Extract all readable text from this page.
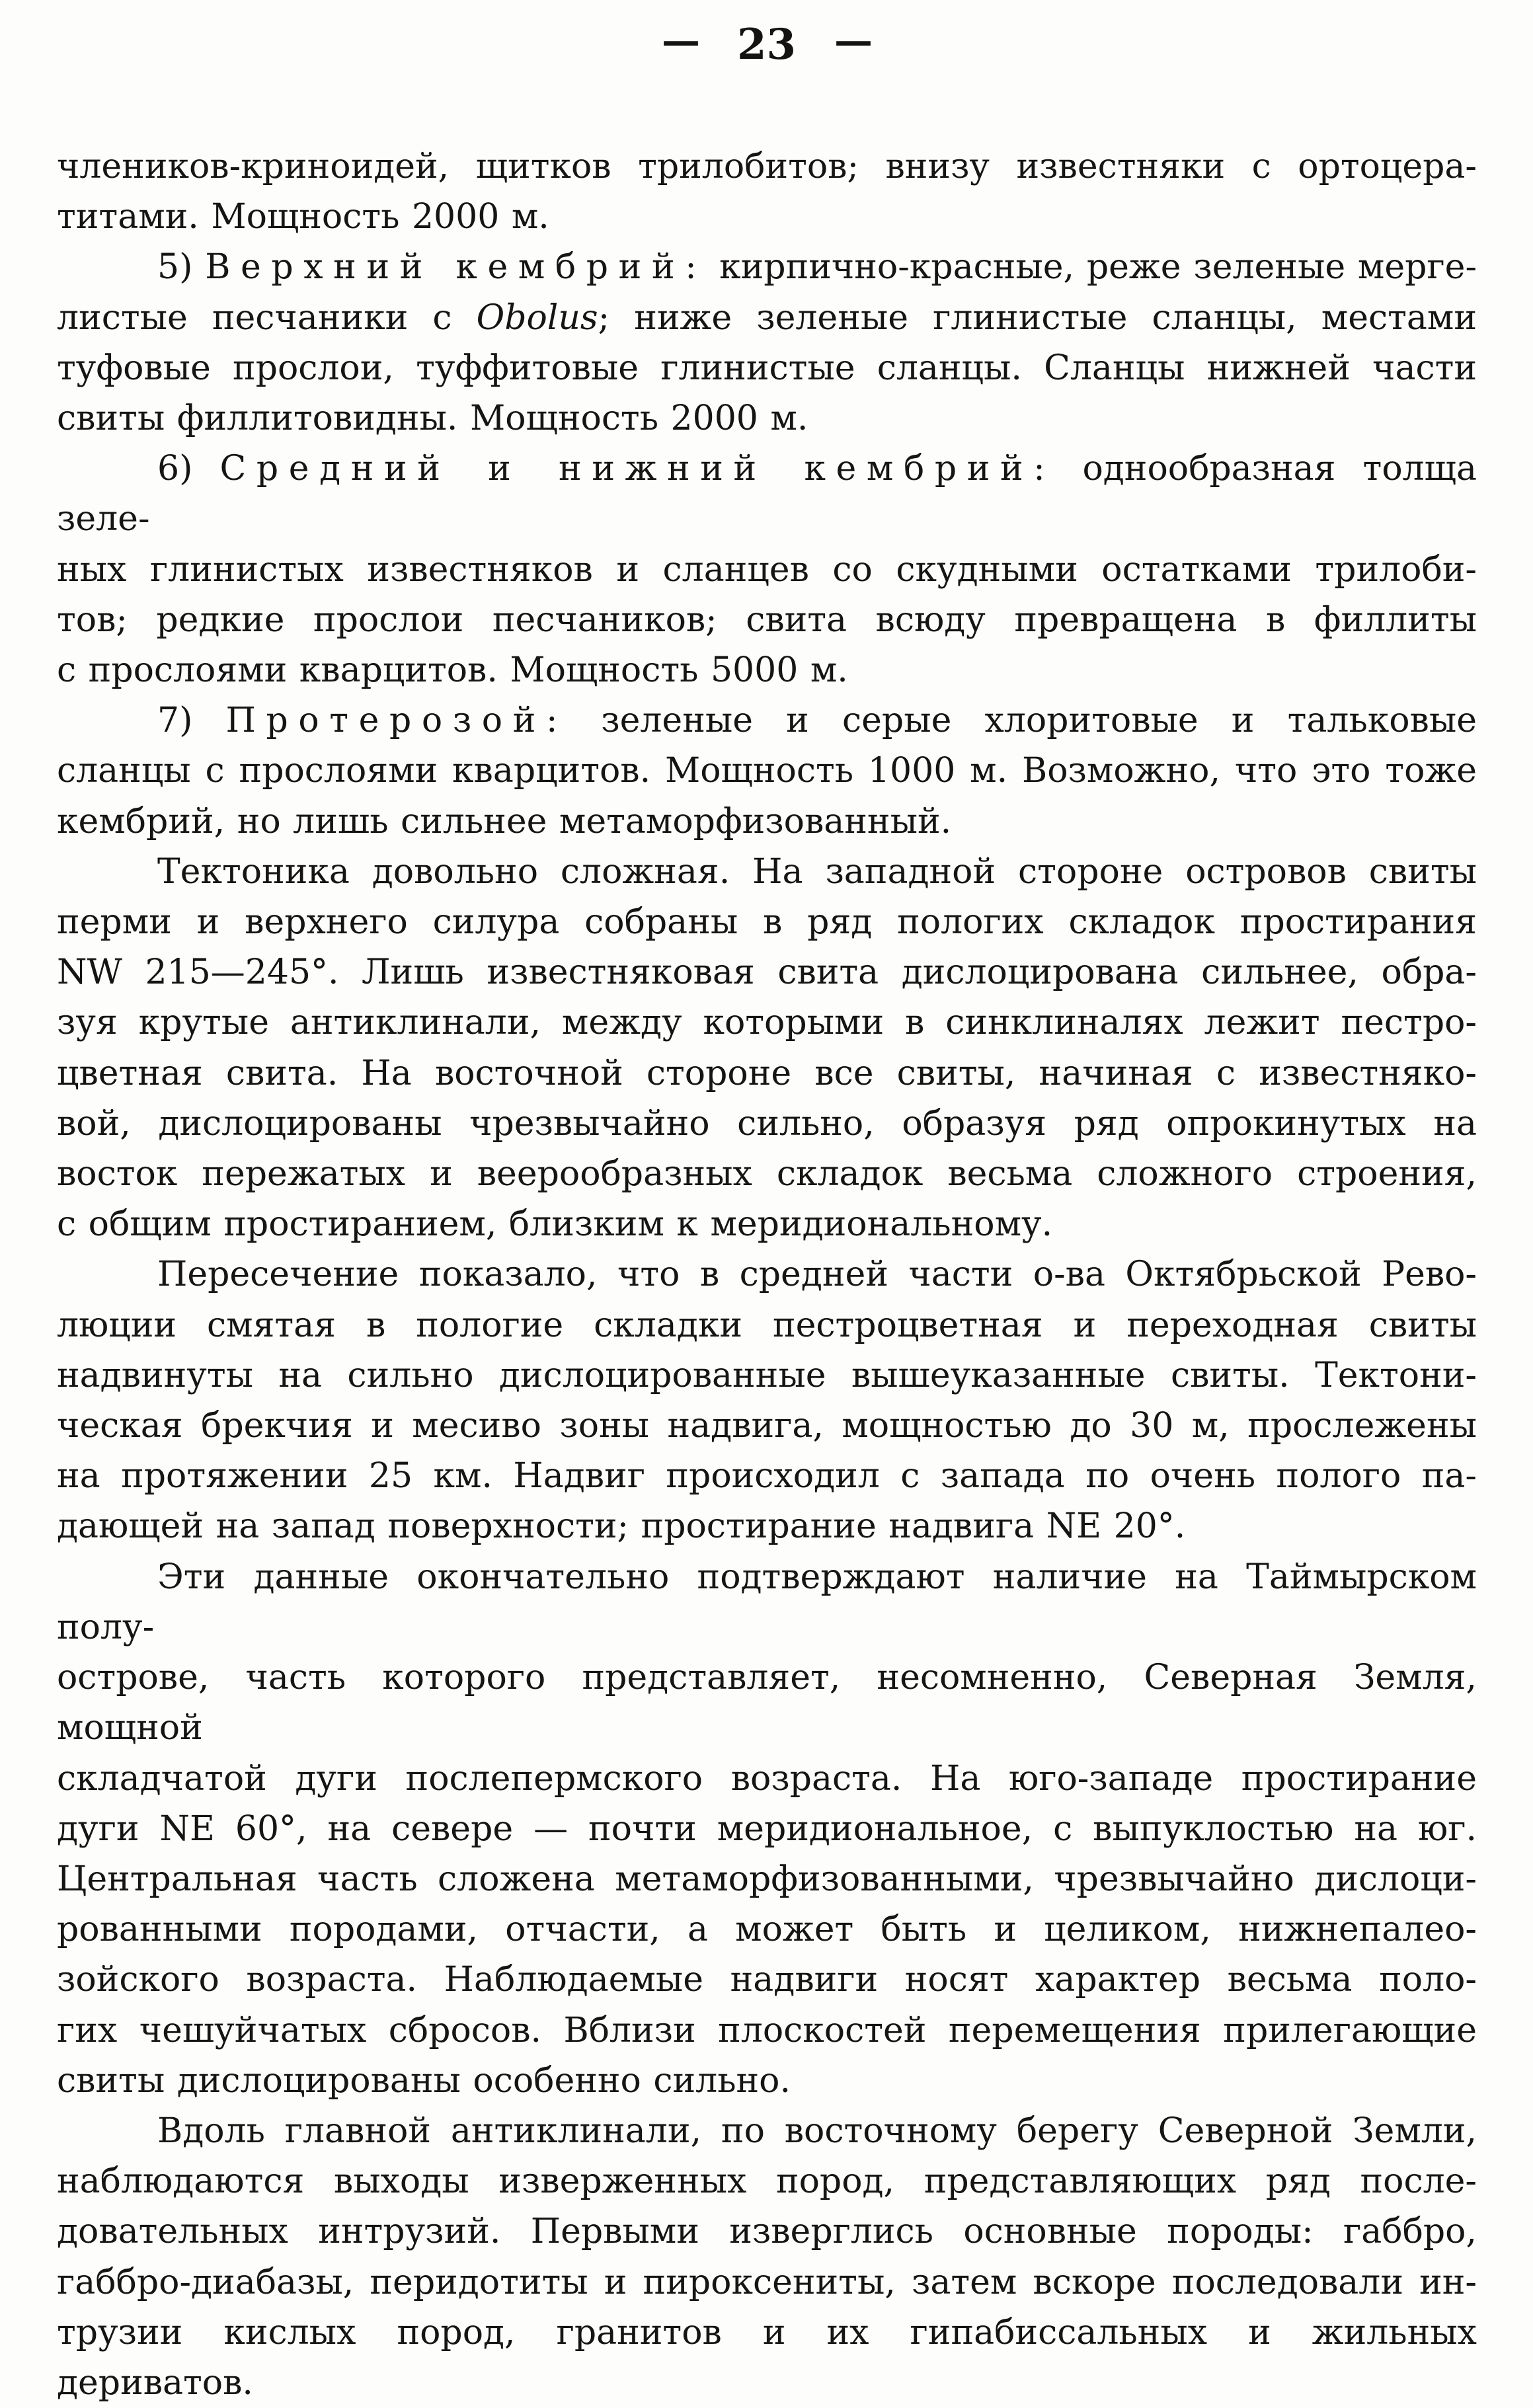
— 23 —
члеников-криноидей, щитков трилобитов; внизу известняки с ортоцера-
титами. Мощность 2000 м.
5) Верхний кембрий: кирпично-красные, реже зеленые мерге-
листые песчаники с Obolus; ниже зеленые глинистые сланцы, местами
туфовые прослои, туффитовые глинистые сланцы. Сланцы нижней части
свиты филлитовидны. Мощность 2000 м.
6) Средний и нижний кембрий: однообразная толща зеле-
ных глинистых известняков и сланцев со скудными остатками трилоби-
тов; редкие прослои песчаников; свита всюду превращена в филлиты
с прослоями кварцитов. Мощность 5000 м.
7) Протерозой: зеленые и серые хлоритовые и тальковые
сланцы с прослоями кварцитов. Мощность 1000 м. Возможно, что это тоже
кембрий, но лишь сильнее метаморфизованный.
Тектоника довольно сложная. На западной стороне островов свиты
перми и верхнего силура собраны в ряд пологих складок простирания
NW 215—245°. Лишь известняковая свита дислоцирована сильнее, обра-
зуя крутые антиклинали, между которыми в синклиналях лежит пестро-
цветная свита. На восточной стороне все свиты, начиная с известняко-
вой, дислоцированы чрезвычайно сильно, образуя ряд опрокинутых на
восток пережатых и веерообразных складок весьма сложного строения,
с общим простиранием, близким к меридиональному.
Пересечение показало, что в средней части о-ва Октябрьской Рево-
люции смятая в пологие складки пестроцветная и переходная свиты
надвинуты на сильно дислоцированные вышеуказанные свиты. Тектони-
ческая брекчия и месиво зоны надвига, мощностью до 30 м, прослежены
на протяжении 25 км. Надвиг происходил с запада по очень полого па-
дающей на запад поверхности; простирание надвига NE 20°.
Эти данные окончательно подтверждают наличие на Таймырском полу-
острове, часть которого представляет, несомненно, Северная Земля, мощной
складчатой дуги послепермского возраста. На юго-западе простирание
дуги NE 60°, на севере — почти меридиональное, с выпуклостью на юг.
Центральная часть сложена метаморфизованными, чрезвычайно дислоци-
рованными породами, отчасти, а может быть и целиком, нижнепалео-
зойского возраста. Наблюдаемые надвиги носят характер весьма поло-
гих чешуйчатых сбросов. Вблизи плоскостей перемещения прилегающие
свиты дислоцированы особенно сильно.
Вдоль главной антиклинали, по восточному берегу Северной Земли,
наблюдаются выходы изверженных пород, представляющих ряд после-
довательных интрузий. Первыми изверглись основные породы: габбро,
габбро-диабазы, перидотиты и пироксениты, затем вскоре последовали ин-
трузии кислых пород, гранитов и их гипабиссальных и жильных
дериватов.
